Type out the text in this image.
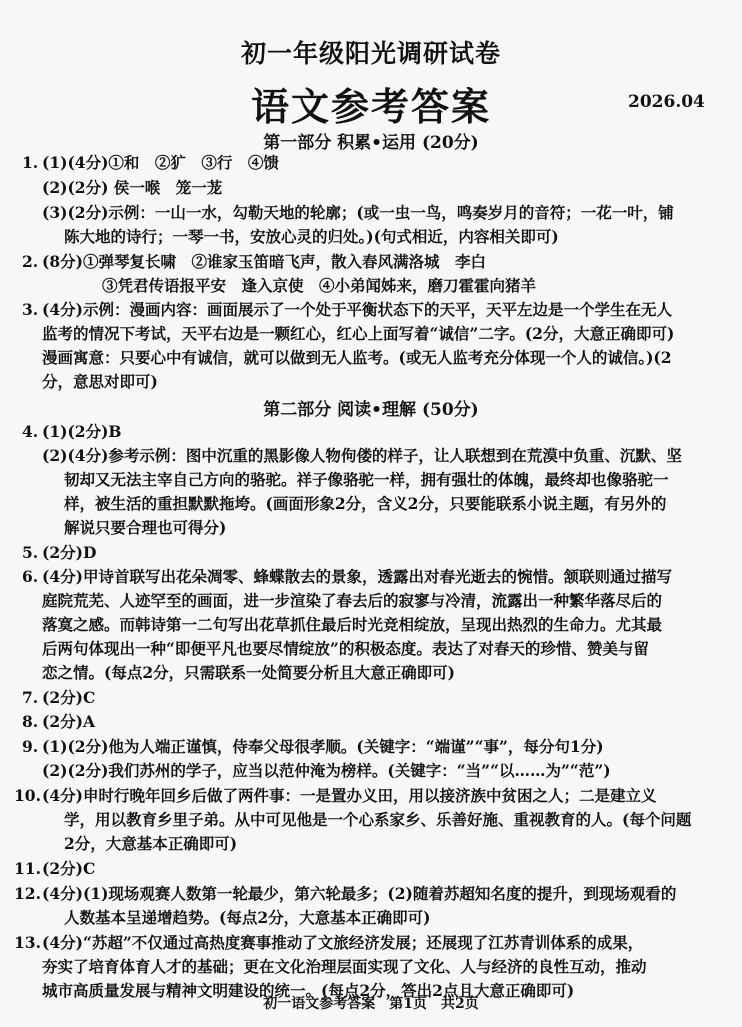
初一年级阳光调研试卷
语文参考答案	2026.04
第一部分 积累•运用 (20分)
1. (1)(4分)①和　②犷　③行　④馈
(2)(2分) 侯一喉　笼一茏
(3)(2分)示例：一山一水，勾勒天地的轮廓；(或一虫一鸟，鸣奏岁月的音符；一花一叶，铺
陈大地的诗行；一琴一书，安放心灵的归处。)(句式相近，内容相关即可)
2. (8分)①弹琴复长啸　②谁家玉笛暗飞声，散入春风满洛城　李白
③凭君传语报平安　逢入京使　④小弟闻姊来，磨刀霍霍向猪羊
3. (4分)示例：漫画内容：画面展示了一个处于平衡状态下的天平，天平左边是一个学生在无人
监考的情况下考试，天平右边是一颗红心，红心上面写着“诚信”二字。(2分，大意正确即可)
漫画寓意：只要心中有诚信，就可以做到无人监考。(或无人监考充分体现一个人的诚信。)(2
分，意思对即可)
第二部分 阅读•理解 (50分)
4. (1)(2分)B
(2)(4分)参考示例：图中沉重的黑影像人物佝偻的样子，让人联想到在荒漠中负重、沉默、坚
韧却又无法主宰自己方向的骆驼。祥子像骆驼一样，拥有强壮的体魄，最终却也像骆驼一
样，被生活的重担默默拖垮。(画面形象2分，含义2分，只要能联系小说主题，有另外的
解说只要合理也可得分)
5. (2分)D
6. (4分)甲诗首联写出花朵凋零、蜂蝶散去的景象，透露出对春光逝去的惋惜。颔联则通过描写
庭院荒芜、人迹罕至的画面，进一步渲染了春去后的寂寥与冷清，流露出一种繁华落尽后的
落寞之感。而韩诗第一二句写出花草抓住最后时光竞相绽放，呈现出热烈的生命力。尤其最
后两句体现出一种“即便平凡也要尽情绽放”的积极态度。表达了对春天的珍惜、赞美与留
恋之情。(每点2分，只需联系一处简要分析且大意正确即可)
7. (2分)C
8. (2分)A
9. (1)(2分)他为人端正谨慎，侍奉父母很孝顺。(关键字：“端谨”“事”，每分句1分)
(2)(2分)我们苏州的学子，应当以范仲淹为榜样。(关键字：“当”“以……为”“范”)
10. (4分)申时行晚年回乡后做了两件事：一是置办义田，用以接济族中贫困之人；二是建立义
学，用以教育乡里子弟。从中可见他是一个心系家乡、乐善好施、重视教育的人。(每个问题
2分，大意基本正确即可)
11. (2分)C
12. (4分)(1)现场观赛人数第一轮最少，第六轮最多；(2)随着苏超知名度的提升，到现场观看的
人数基本呈递增趋势。(每点2分，大意基本正确即可)
13. (4分)“苏超”不仅通过高热度赛事推动了文旅经济发展；还展现了江苏青训体系的成果，
夯实了培育体育人才的基础；更在文化治理层面实现了文化、人与经济的良性互动，推动
城市高质量发展与精神文明建设的统一。(每点2分，答出2点且大意正确即可)
初一语文参考答案　第1页　共2页
